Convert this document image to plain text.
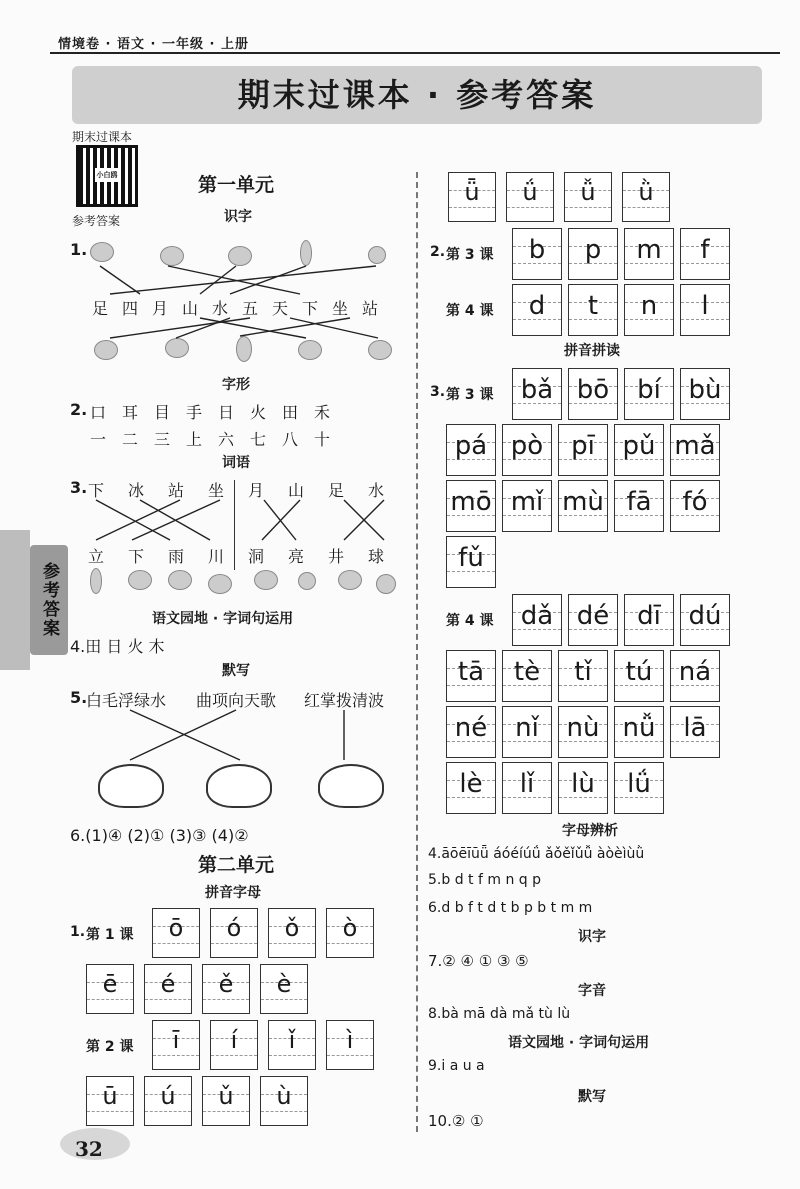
情境卷 · 语文 · 一年级 · 上册
期末过课本 · 参考答案
期末过课本
小白鸥
参考答案
参考答案
第一单元
识字
1.
足 四 月 山 水 五 天 下 坐 站
字形
2. 口 耳 目 手 日 火 田 禾
一 二 三 上 六 七 八 十
词语
3. 下 冰 站 坐 月 山 足 水
立 下 雨 川 洞 亮 井 球
语文园地 · 字词句运用
4.田 日 火 木
默写
5.
白毛浮绿水 曲项向天歌 红掌拨清波
6.(1)④ (2)① (3)③ (4)②
第二单元
拼音字母
1. 第 1 课
第 2 课
ō	ó	ǒ	ò
ē	é	ě	è
ī	í	ǐ	ì
ū	ú	ǔ	ù
ǖ	ǘ	ǚ	ǜ
b	p	m	f
d	t	n	l
bǎ bō	bí	bù
pá pò	pī	pǔ mǎ
mō mǐ mù fā	fó
fǔ
dǎ dé	dī	dú
tā	tè	tǐ	tú	ná
né	nǐ	nù nǚ	lā
lè	lǐ	lù	lǘ
2. 第 3 课
第 4 课
拼音拼读
3. 第 3 课
第 4 课
字母辨析
4.āōēīūǖ áóéíúǘ ǎǒěǐǔǚ àòèìùǜ
5.b d t f m n q p
6.d b f t d t b p b t m m
识字
7.② ④ ① ③ ⑤
字音
8.bà mā dà mǎ tù lù
语文园地 · 字词句运用
9.i a u a
默写
10.② ①
32
